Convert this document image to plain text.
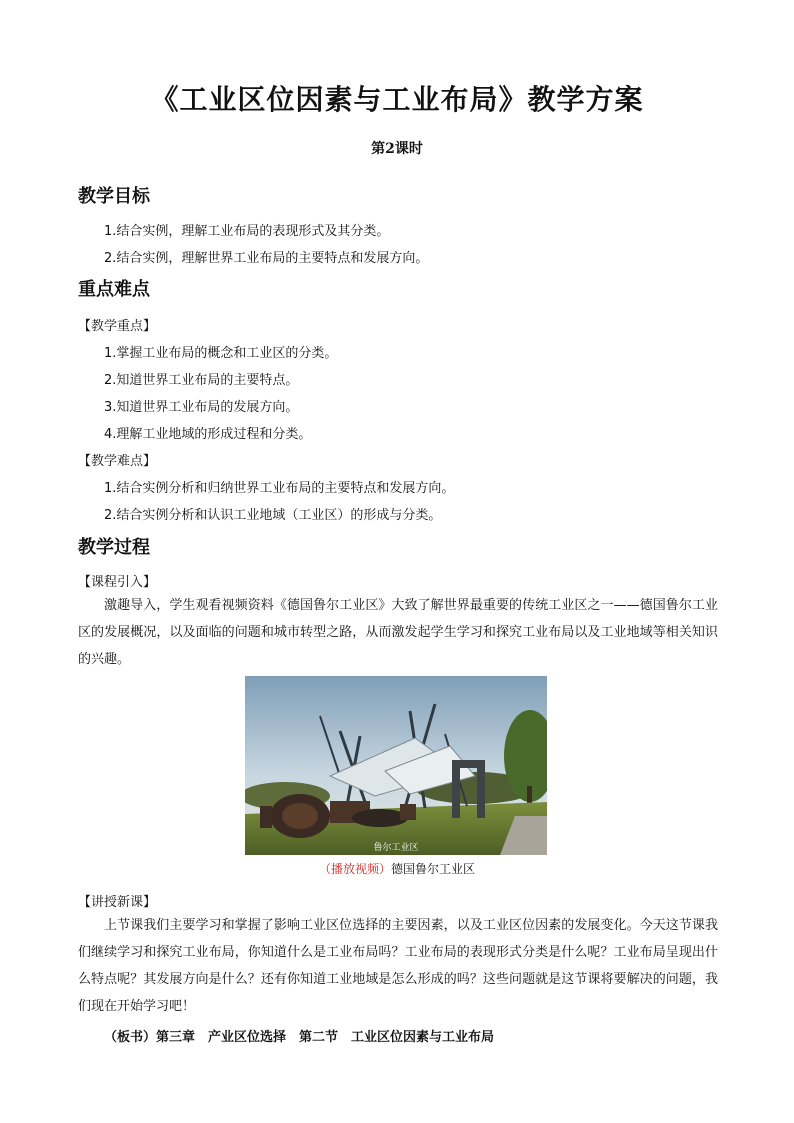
《工业区位因素与工业布局》教学方案
第2课时
教学目标
1.结合实例，理解工业布局的表现形式及其分类。
2.结合实例，理解世界工业布局的主要特点和发展方向。
重点难点
【教学重点】
1.掌握工业布局的概念和工业区的分类。
2.知道世界工业布局的主要特点。
3.知道世界工业布局的发展方向。
4.理解工业地域的形成过程和分类。
【教学难点】
1.结合实例分析和归纳世界工业布局的主要特点和发展方向。
2.结合实例分析和认识工业地域（工业区）的形成与分类。
教学过程
【课程引入】
激趣导入，学生观看视频资料《德国鲁尔工业区》大致了解世界最重要的传统工业区之一——德国鲁尔工业区的发展概况，以及面临的问题和城市转型之路，从而激发起学生学习和探究工业布局以及工业地域等相关知识的兴趣。
鲁尔工业区
（播放视频）德国鲁尔工业区
【讲授新课】
上节课我们主要学习和掌握了影响工业区位选择的主要因素，以及工业区位因素的发展变化。今天这节课我们继续学习和探究工业布局，你知道什么是工业布局吗？工业布局的表现形式分类是什么呢？工业布局呈现出什么特点呢？其发展方向是什么？还有你知道工业地域是怎么形成的吗？这些问题就是这节课将要解决的问题，我们现在开始学习吧！
（板书）第三章　产业区位选择　第二节　工业区位因素与工业布局
